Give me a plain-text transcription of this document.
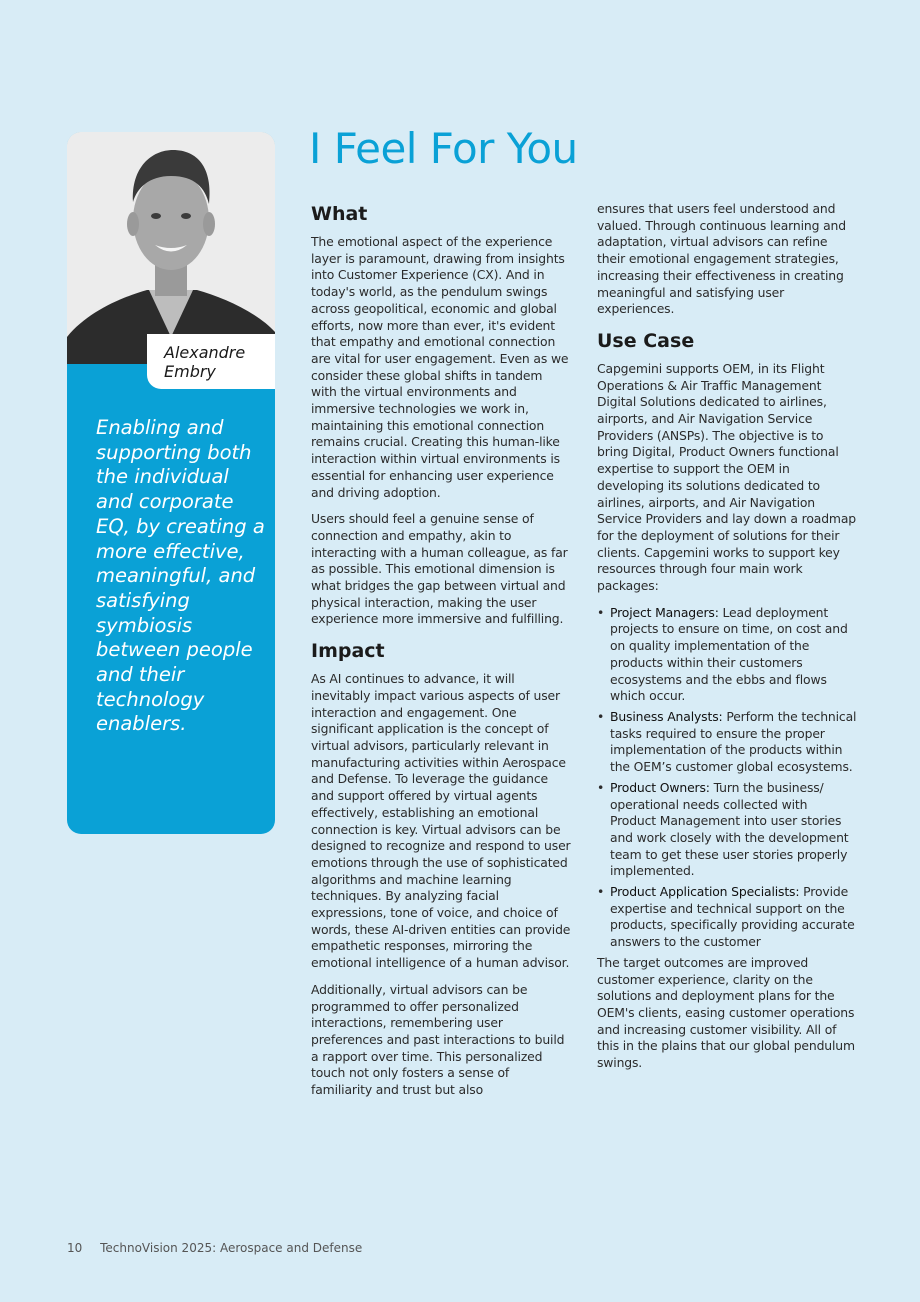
Alexandre
Embry
Enabling and supporting both the individual and corporate EQ, by creating a more effective, meaningful, and satisfying symbiosis between people and their technology enablers.
I Feel For You
What

The emotional aspect of the experience layer is paramount, drawing from insights into Customer Experience (CX). And in today's world, as the pendulum swings across geopolitical, economic and global efforts, now more than ever, it's evident that empathy and emotional connection are vital for user engagement. Even as we consider these global shifts in tandem with the virtual environments and immersive technologies we work in, maintaining this emotional connection remains crucial. Creating this human-like interaction within virtual environments is essential for enhancing user experience and driving adoption.

Users should feel a genuine sense of connection and empathy, akin to interacting with a human colleague, as far as possible. This emotional dimension is what bridges the gap between virtual and physical interaction, making the user experience more immersive and fulfilling.

Impact

As AI continues to advance, it will inevitably impact various aspects of user interaction and engagement. One significant application is the concept of virtual advisors, particularly relevant in manufacturing activities within Aerospace and Defense. To leverage the guidance and support offered by virtual agents effectively, establishing an emotional connection is key. Virtual advisors can be designed to recognize and respond to user emotions through the use of sophisticated algorithms and machine learning techniques. By analyzing facial expressions, tone of voice, and choice of words, these AI-driven entities can provide empathetic responses, mirroring the emotional intelligence of a human advisor.

Additionally, virtual advisors can be programmed to offer personalized interactions, remembering user preferences and past interactions to build a rapport over time. This personalized touch not only fosters a sense of familiarity and trust but also

ensures that users feel understood and valued. Through continuous learning and adaptation, virtual advisors can refine their emotional engagement strategies, increasing their effectiveness in creating meaningful and satisfying user experiences.

Use Case

Capgemini supports OEM, in its Flight Operations & Air Traffic Management Digital Solutions dedicated to airlines, airports, and Air Navigation Service Providers (ANSPs). The objective is to bring Digital, Product Owners functional expertise to support the OEM in developing its solutions dedicated to airlines, airports, and Air Navigation Service Providers and lay down a roadmap for the deployment of solutions for their clients. Capgemini works to support key resources through four main work packages:

• Project Managers: Lead deployment projects to ensure on time, on cost and on quality implementation of the products within their customers ecosystems and the ebbs and flows which occur.
• Business Analysts: Perform the technical tasks required to ensure the proper implementation of the products within the OEM’s customer global ecosystems.
• Product Owners: Turn the business/ operational needs collected with Product Management into user stories and work closely with the development team to get these user stories properly implemented.
• Product Application Specialists: Provide expertise and technical support on the products, specifically providing accurate answers to the customer

The target outcomes are improved customer experience, clarity on the solutions and deployment plans for the OEM's clients, easing customer operations and increasing customer visibility. All of this in the plains that our global pendulum swings.

10 TechnoVision 2025: Aerospace and Defense
